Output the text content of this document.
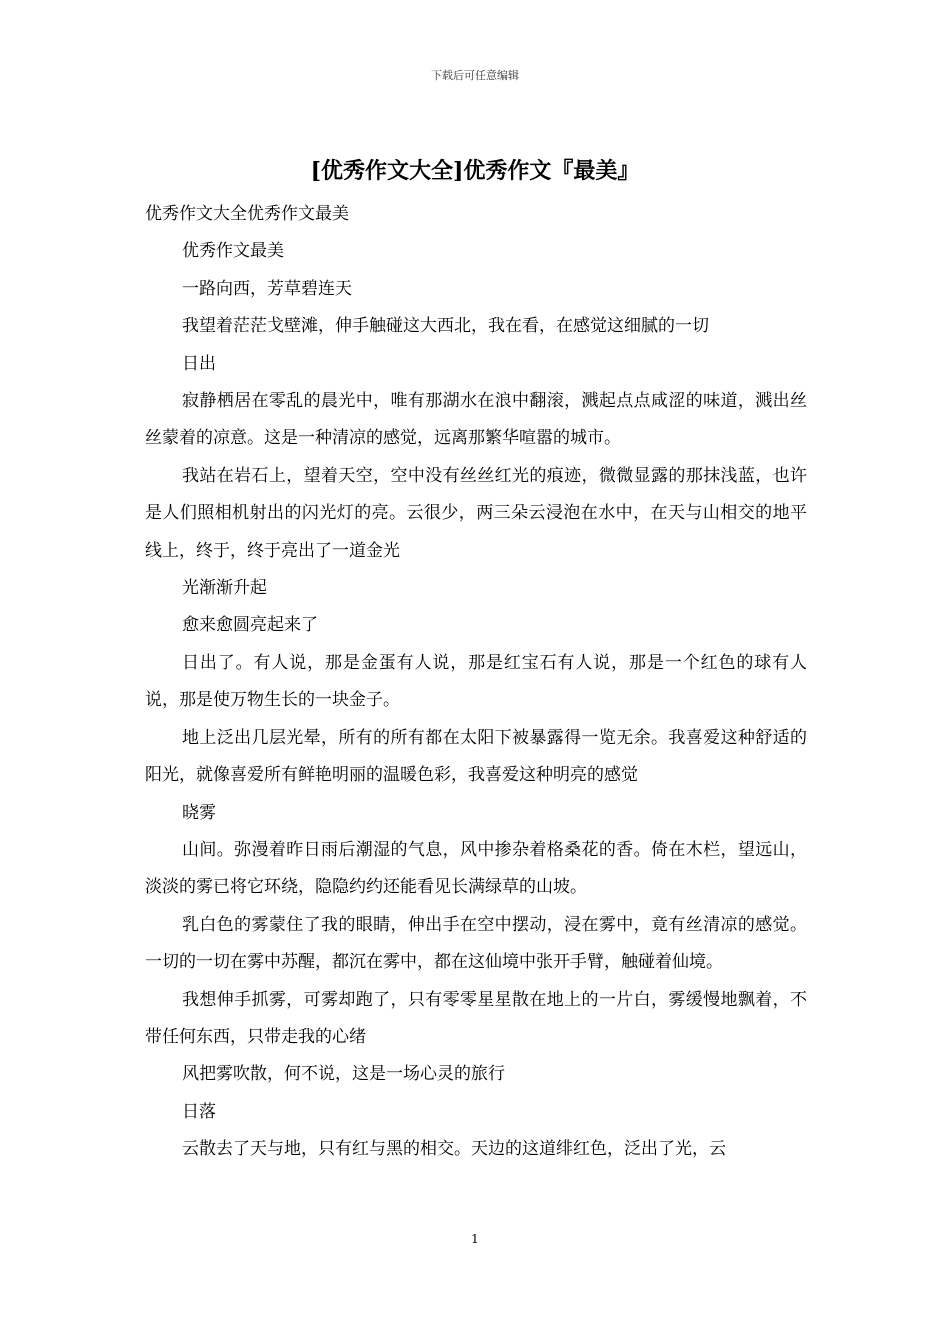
下载后可任意编辑
[优秀作文大全]优秀作文『最美』

优秀作文大全优秀作文最美

优秀作文最美

一路向西，芳草碧连天

我望着茫茫戈壁滩，伸手触碰这大西北，我在看，在感觉这细腻的一切

日出

寂静栖居在零乱的晨光中，唯有那湖水在浪中翻滚，溅起点点咸涩的味道，溅出丝丝蒙着的凉意。这是一种清凉的感觉，远离那繁华喧嚣的城市。

我站在岩石上，望着天空，空中没有丝丝红光的痕迹，微微显露的那抹浅蓝，也许是人们照相机射出的闪光灯的亮。云很少，两三朵云浸泡在水中，在天与山相交的地平线上，终于，终于亮出了一道金光

光渐渐升起

愈来愈圆亮起来了

日出了。有人说，那是金蛋有人说，那是红宝石有人说，那是一个红色的球有人说，那是使万物生长的一块金子。

地上泛出几层光晕，所有的所有都在太阳下被暴露得一览无余。我喜爱这种舒适的阳光，就像喜爱所有鲜艳明丽的温暖色彩，我喜爱这种明亮的感觉

晓雾

山间。弥漫着昨日雨后潮湿的气息，风中掺杂着格桑花的香。倚在木栏，望远山，淡淡的雾已将它环绕，隐隐约约还能看见长满绿草的山坡。

乳白色的雾蒙住了我的眼睛，伸出手在空中摆动，浸在雾中，竟有丝清凉的感觉。一切的一切在雾中苏醒，都沉在雾中，都在这仙境中张开手臂，触碰着仙境。

我想伸手抓雾，可雾却跑了，只有零零星星散在地上的一片白，雾缓慢地飘着，不带任何东西，只带走我的心绪

风把雾吹散，何不说，这是一场心灵的旅行

日落

云散去了天与地，只有红与黑的相交。天边的这道绯红色，泛出了光，云

1
